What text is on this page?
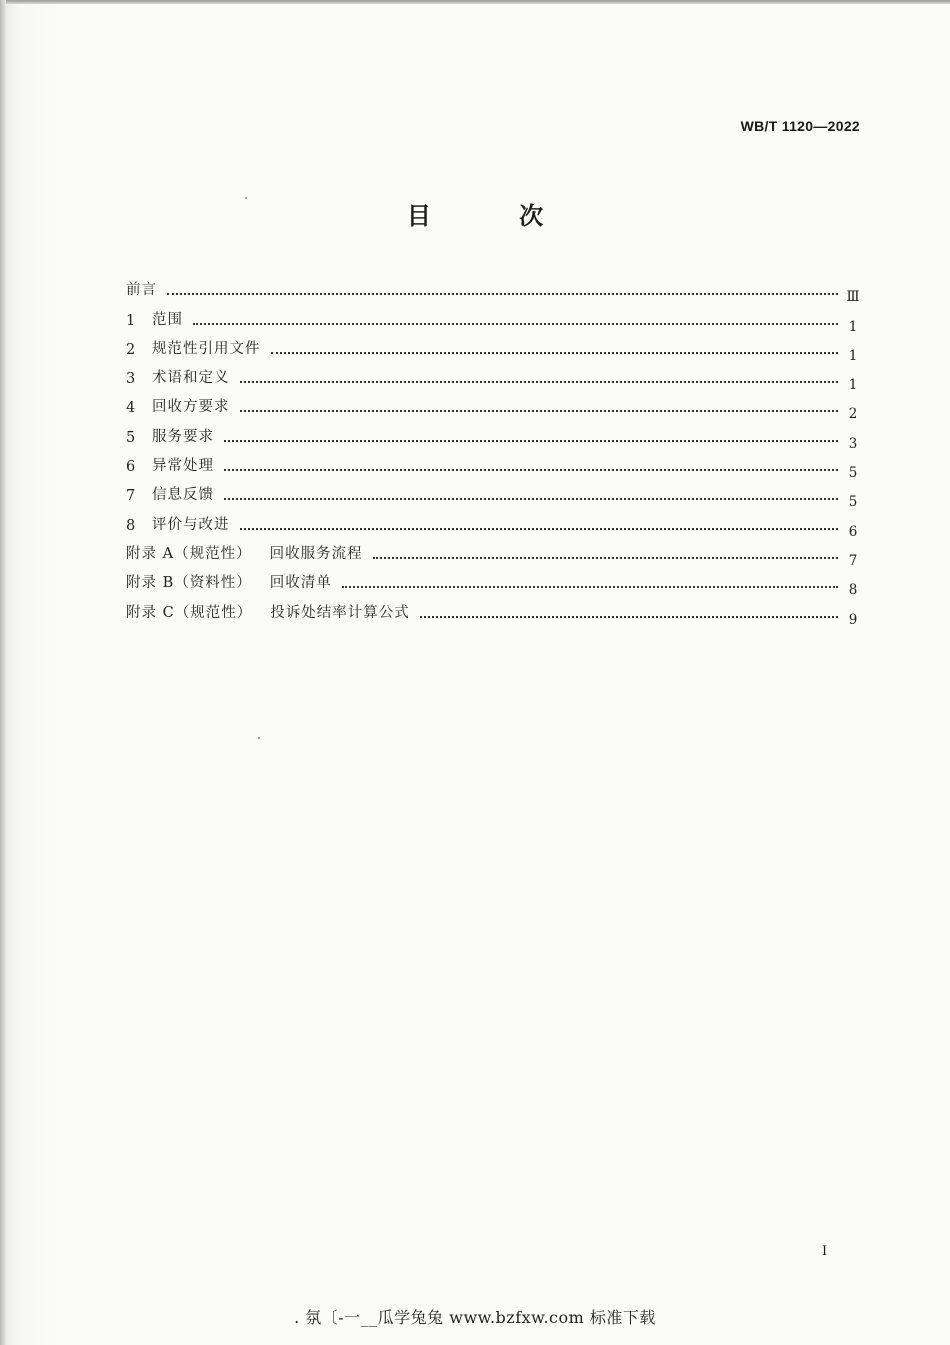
WB/T 1120—2022
目 次
前言	Ⅲ
1	范围	1
2	规范性引用文件	1
3	术语和定义	1
4	回收方要求	2
5	服务要求	3
6	异常处理	5
7	信息反馈	5
8	评价与改进	6
附录 A（规范性） 回收服务流程	7
附录 B（资料性） 回收清单	8
附录 C（规范性） 投诉处结率计算公式	9
I
. 氛〔-一__瓜学兔兔 www.bzfxw.com 标准下载
